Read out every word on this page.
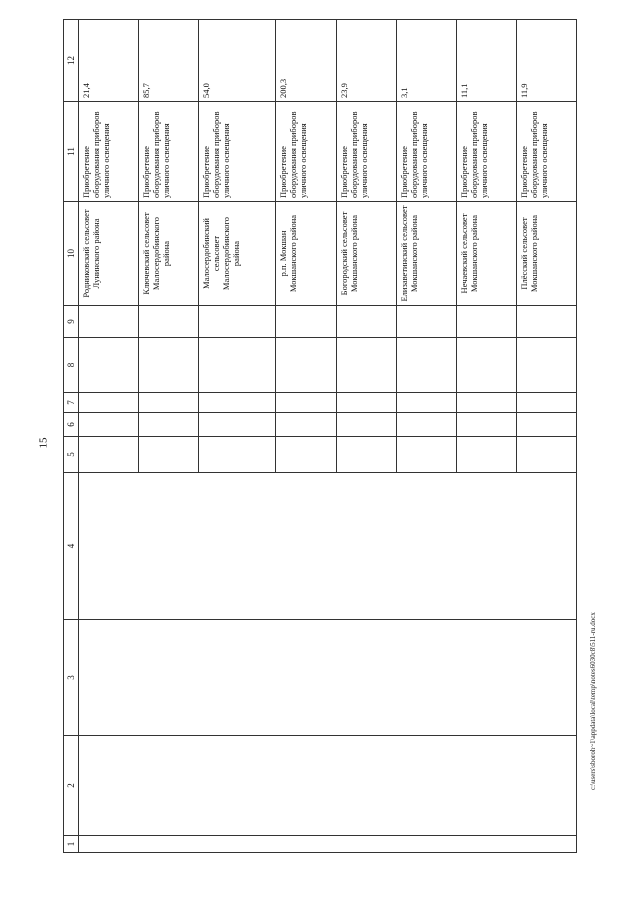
15
1	2	3	4	5	6	7	8	9	10	11	12

									Родниковский сельсовет Лунинского района	Приобретение оборудования приборов уличного освещения	21,4

									Ключевский сельсовет Малосердобинского района	Приобретение оборудования приборов уличного освещения	85,7

									Малосердобинский сельсовет Малосердобинского района	Приобретение оборудования приборов уличного освещения	54,0

									р.п. Мокшан Мокшанского района	Приобретение оборудования приборов уличного освещения	200,3

									Богородский сельсовет Мокшанского района	Приобретение оборудования приборов уличного освещения	23,9

									Елизаветинский сельсовет Мокшанского района	Приобретение оборудования приборов уличного освещения	3,1

									Нечаевский сельсовет Мокшанского района	Приобретение оборудования приборов уличного освещения	11,1

									Плёсский сельсовет Мокшанского района	Приобретение оборудования приборов уличного освещения	11,9
c:\users\sboroh~1\appdata\local\temp\notes6030c8\511-ru.docx
